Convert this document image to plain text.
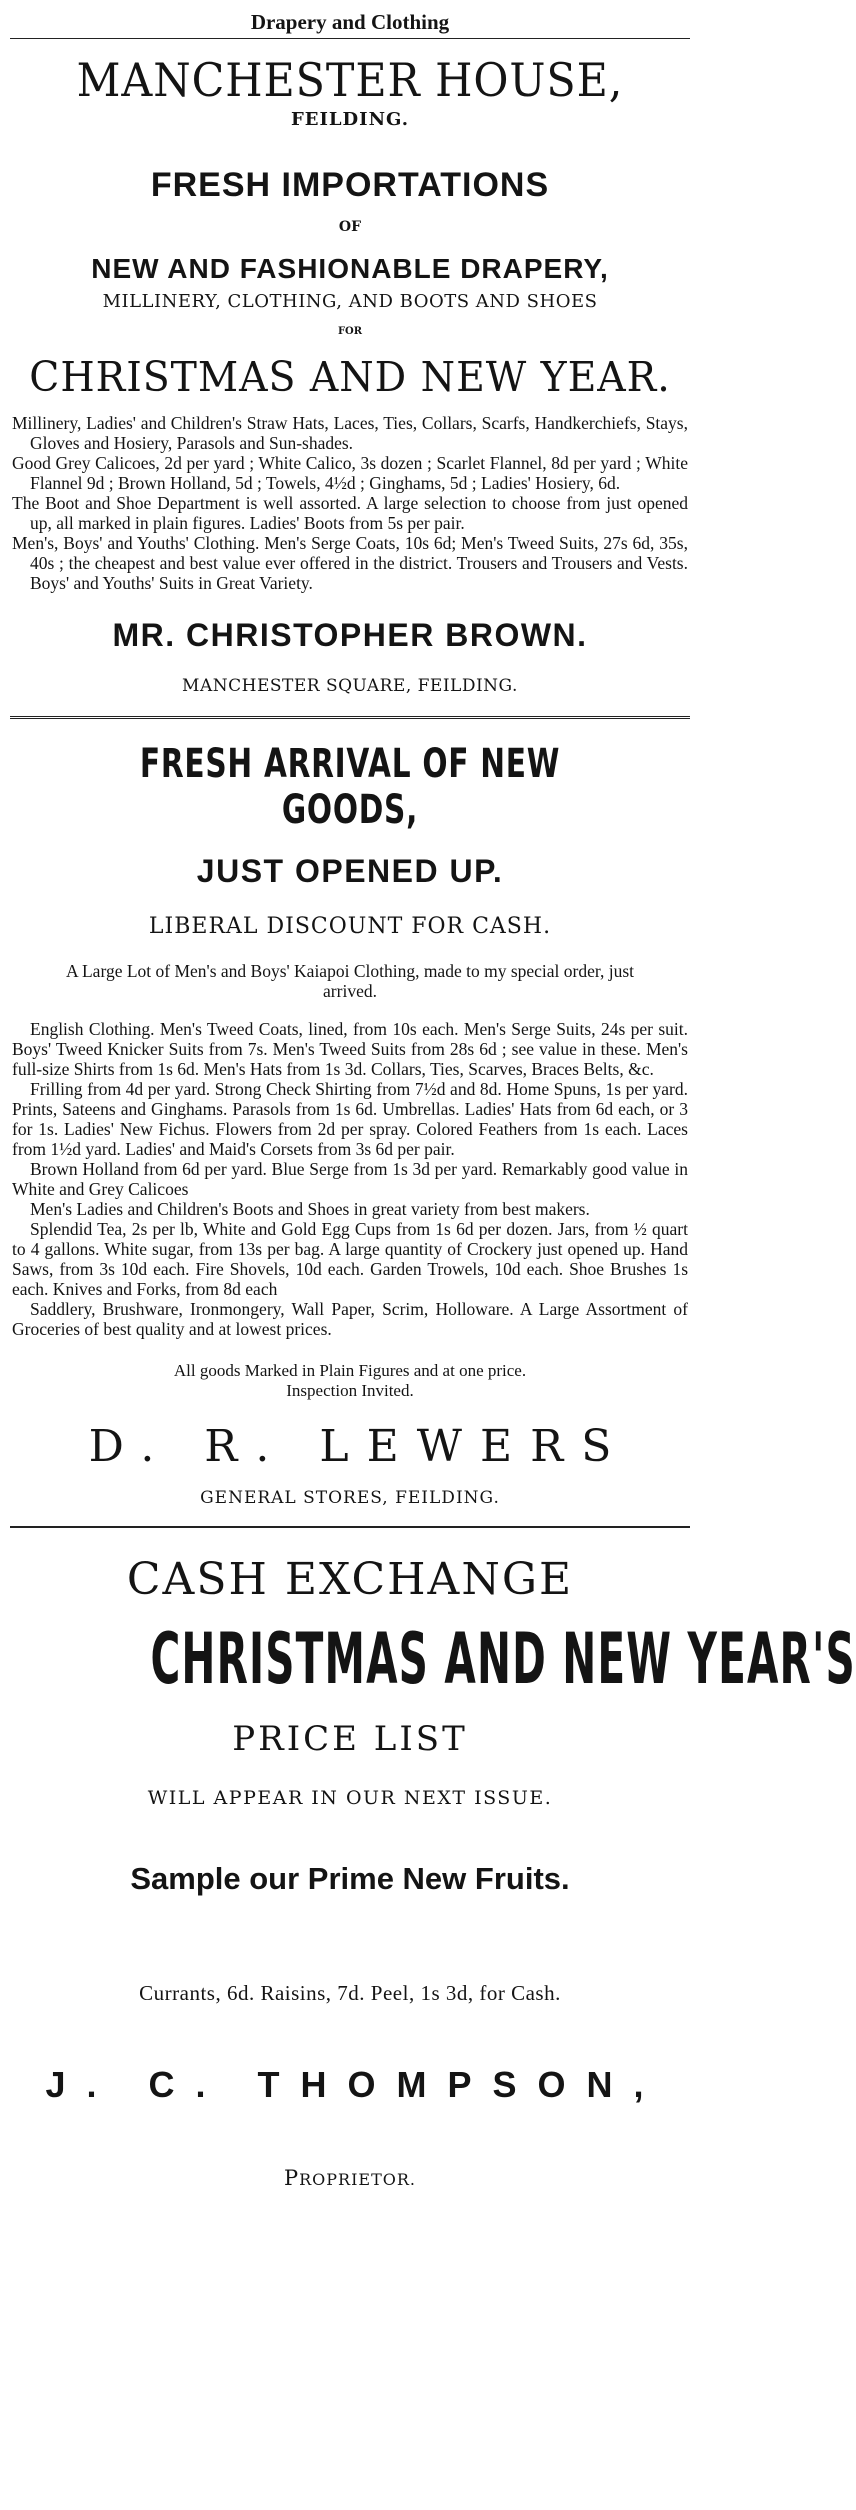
Drapery and Clothing
MANCHESTER HOUSE,
FEILDING.
FRESH IMPORTATIONS
OF
NEW AND FASHIONABLE DRAPERY,
MILLINERY, CLOTHING, AND BOOTS AND SHOES
FOR
CHRISTMAS AND NEW YEAR.

Millinery, Ladies' and Children's Straw Hats, Laces, Ties, Collars, Scarfs, Handkerchiefs, Stays, Gloves and Hosiery, Parasols and Sun-shades.

Good Grey Calicoes, 2d per yard ; White Calico, 3s dozen ; Scarlet Flannel, 8d per yard ; White Flannel 9d ; Brown Holland, 5d ; Towels, 4½d ; Ginghams, 5d ; Ladies' Hosiery, 6d.

The Boot and Shoe Department is well assorted. A large selection to choose from just opened up, all marked in plain figures. Ladies' Boots from 5s per pair.

Men's, Boys' and Youths' Clothing. Men's Serge Coats, 10s 6d; Men's Tweed Suits, 27s 6d, 35s, 40s ; the cheapest and best value ever offered in the district. Trousers and Trousers and Vests. Boys' and Youths' Suits in Great Variety.

MR. CHRISTOPHER BROWN.
MANCHESTER SQUARE, FEILDING.
FRESH ARRIVAL OF NEW GOODS,
JUST OPENED UP.
LIBERAL DISCOUNT FOR CASH.
A Large Lot of Men's and Boys' Kaiapoi Clothing, made to my special order, just arrived.

English Clothing. Men's Tweed Coats, lined, from 10s each. Men's Serge Suits, 24s per suit. Boys' Tweed Knicker Suits from 7s. Men's Tweed Suits from 28s 6d ; see value in these. Men's full-size Shirts from 1s 6d. Men's Hats from 1s 3d. Collars, Ties, Scarves, Braces Belts, &c.

Frilling from 4d per yard. Strong Check Shirting from 7½d and 8d. Home Spuns, 1s per yard. Prints, Sateens and Ginghams. Parasols from 1s 6d. Umbrellas. Ladies' Hats from 6d each, or 3 for 1s. Ladies' New Fichus. Flowers from 2d per spray. Colored Feathers from 1s each. Laces from 1½d yard. Ladies' and Maid's Corsets from 3s 6d per pair.

Brown Holland from 6d per yard. Blue Serge from 1s 3d per yard. Remarkably good value in White and Grey Calicoes

Men's Ladies and Children's Boots and Shoes in great variety from best makers.

Splendid Tea, 2s per lb, White and Gold Egg Cups from 1s 6d per dozen. Jars, from ½ quart to 4 gallons. White sugar, from 13s per bag. A large quantity of Crockery just opened up. Hand Saws, from 3s 10d each. Fire Shovels, 10d each. Garden Trowels, 10d each. Shoe Brushes 1s each. Knives and Forks, from 8d each

Saddlery, Brushware, Ironmongery, Wall Paper, Scrim, Holloware. A Large Assortment of Groceries of best quality and at lowest prices.

All goods Marked in Plain Figures and at one price.
Inspection Invited.
D. R. LEWERS
GENERAL STORES, FEILDING.
CASH EXCHANGE
CHRISTMAS AND NEW YEAR'S
PRICE LIST
WILL APPEAR IN OUR NEXT ISSUE.
Sample our Prime New Fruits.
Currants, 6d. Raisins, 7d. Peel, 1s 3d, for Cash.
J. C. THOMPSON,
PROPRIETOR.
